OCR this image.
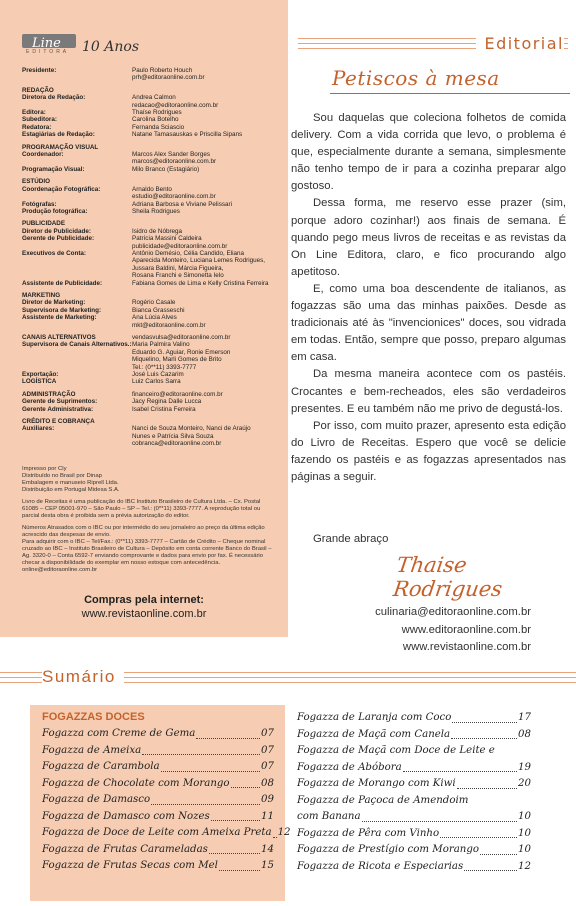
Line
EDITORA 10 Anos
Presidente:	Paulo Roberto Houch
prh@editoraonline.com.br
REDAÇÃO
Diretora de Redação:	Andrea Calmon
redacao@editoraonline.com.br
Editora:	Thaíse Rodrigues
Subeditora:	Carolina Botelho
Redatora:	Fernanda Sciascio
Estagiárias de Redação:	Natane Tamasauskas e Priscilla Sipans
PROGRAMAÇÃO VISUAL
Coordenador:	Marcos Alex Sander Borges
marcos@editoraonline.com.br
Programação Visual:	Milo Branco (Estagiário)
ESTÚDIO
Coordenação Fotográfica:	Arnaldo Bento
estudio@editoraonline.com.br
Fotógrafas:	Adriana Barbosa e Viviane Pelissari
Produção fotográfica:	Sheila Rodrigues
PUBLICIDADE
Diretor de Publicidade:	Isidro de Nóbrega
Gerente de Publicidade:	Patrícia Massini Caldeira
publicidade@editoraonline.com.br
Executivos de Conta:	Antônio Demésio, Célia Candido, Eliana
Aparecida Monteiro, Luciana Lemes Rodrigues,
Jussara Baldini, Márcia Figueira,
Rosana Franchi e Simonetta Ielo
Assistente de Publicidade:	Fabiana Gomes de Lima e Kelly Cristina Ferreira
MARKETING
Diretor de Marketing:	Rogério Casale
Supervisora de Marketing:	Bianca Grasseschi
Assistente de Marketing:	Ana Lúcia Alves
mkt@editoraonline.com.br
CANAIS ALTERNATIVOS	vendasvulsa@editoraonline.com.br
Supervisora de Canais Alternativos.: Maria Palmira Valino
Eduardo G. Aguiar, Ronie Emerson
Miquelino, Marli Gomes de Brito
Tel.: (0**11) 3393-7777
Exportação:	José Luis Cazarim
LOGÍSTICA	Luiz Carlos Sarra
ADMINISTRAÇÃO	financeiro@editoraonline.com.br
Gerente de Suprimentos:	Jacy Regina Dalle Lucca
Gerente Administrativa:	Isabel Cristina Ferreira
CRÉDITO E COBRANÇA
Auxiliares:	Nanci de Souza Monteiro, Nanci de Araújo
Nunes e Patrícia Silva Souza
cobranca@editoraonline.com.br

Impresso por Cly
Distribuído no Brasil por Dinap
Embalagem e manuseio Riprell Ltda.
Distribuição em Portugal Midesa S.A.

Livro de Receitas é uma publicação do IBC Instituto Brasileiro de Cultura Ltda. – Cx. Postal 61085 – CEP 05001-970 – São Paulo – SP – Tel.: (0**11) 3393-7777. A reprodução total ou parcial desta obra é proibida sem a prévia autorização do editor.

Números Atrasados com o IBC ou por intermédio do seu jornaleiro ao preço da última edição acrescido das despesas de envio.
Para adquirir com o IBC – Tel/Fax.: (0**11) 3393-7777 – Cartão de Crédito – Cheque nominal cruzado ao IBC – Instituto Brasileiro de Cultura – Depósito em conta corrente Banco do Brasil – Ag. 3320-0 – Conta 6592-7 enviando comprovante e dados para envio por fax. É necessário checar a disponibilidade do exemplar em nosso estoque com antecedência. online@editoraonline.com.br

Compras pela internet:
www.revistaonline.com.br
Editorial
Petiscos à mesa

Sou daquelas que coleciona folhetos de comida delivery. Com a vida corrida que levo, o problema é que, especialmente durante a semana, simplesmente não tenho tempo de ir para a cozinha preparar algo gostoso.

Dessa forma, me reservo esse prazer (sim, porque adoro cozinhar!) aos finais de semana. É quando pego meus livros de receitas e as revistas da On Line Editora, claro, e fico procurando algo apetitoso.

E, como uma boa descendente de italianos, as fogazzas são uma das minhas paixões. Desde as tradicionais até às "invencionices" doces, sou vidrada em todas. Então, sempre que posso, preparo algumas em casa.

Da mesma maneira acontece com os pastéis. Crocantes e bem-recheados, eles são verdadeiros presentes. E eu também não me privo de degustá-los.

Por isso, com muito prazer, apresento esta edição do Livro de Receitas. Espero que você se delicie fazendo os pastéis e as fogazzas apresentados nas páginas a seguir.

Grande abraço
Thaise Rodrigues
culinaria@editoraonline.com.br
www.editoraonline.com.br
www.revistaonline.com.br
Sumário
FOGAZZAS DOCES
Fogazza com Creme de Gema	07
Fogazza de Ameixa	07
Fogazza de Carambola	07
Fogazza de Chocolate com Morango	08
Fogazza de Damasco	09
Fogazza de Damasco com Nozes	11
Fogazza de Doce de Leite com Ameixa Preta 12
Fogazza de Frutas Carameladas	14
Fogazza de Frutas Secas com Mel	15
Fogazza de Laranja com Coco	17
Fogazza de Maçã com Canela	08
Fogazza de Maçã com Doce de Leite e
Fogazza de Abóbora	19
Fogazza de Morango com Kiwi	20
Fogazza de Paçoca de Amendoim
com Banana	10
Fogazza de Pêra com Vinho	10
Fogazza de Prestígio com Morango	10
Fogazza de Ricota e Especiarias	12
